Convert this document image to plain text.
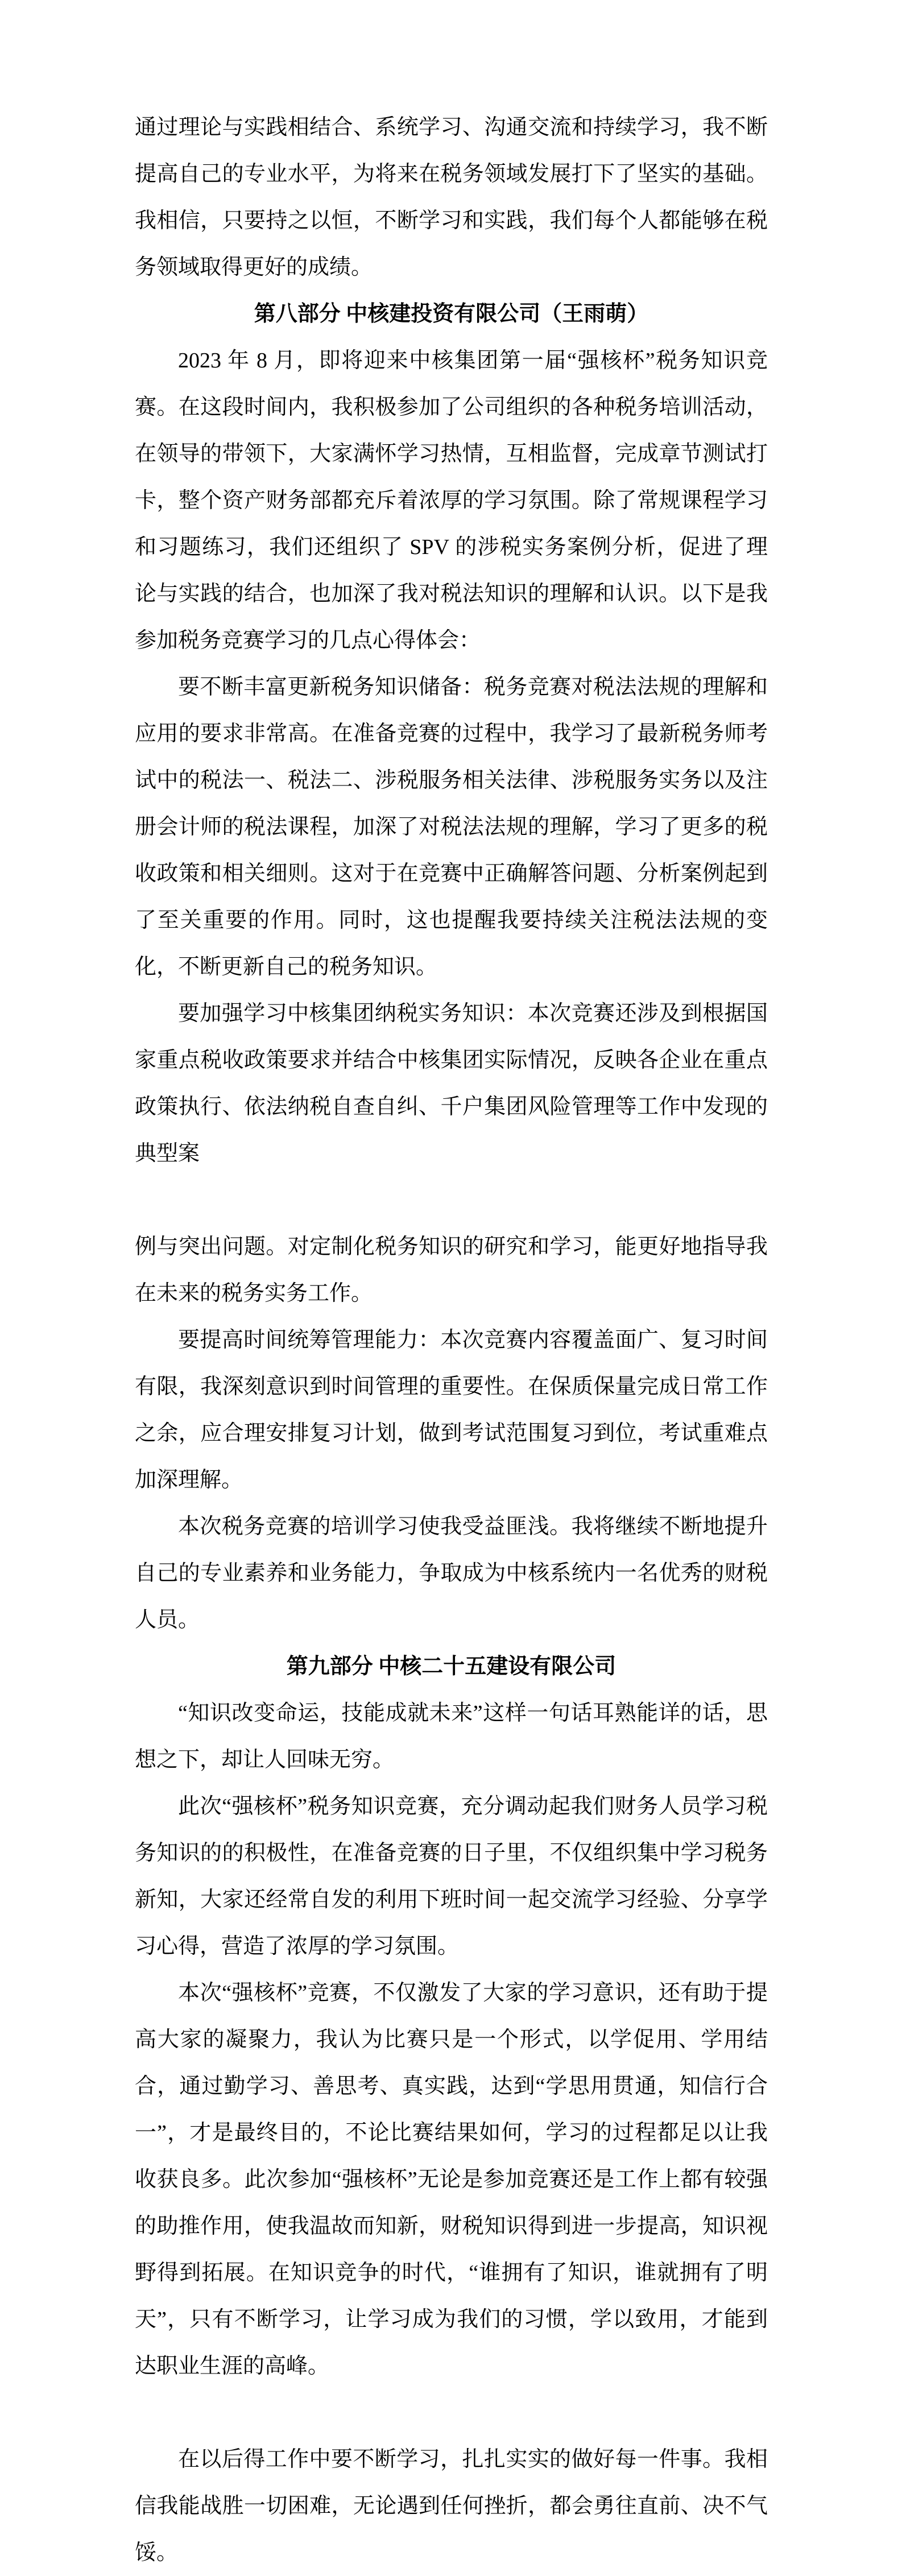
通过理论与实践相结合、系统学习、沟通交流和持续学习，我不断提高自己的专业水平，为将来在税务领域发展打下了坚实的基础。我相信，只要持之以恒，不断学习和实践，我们每个人都能够在税务领域取得更好的成绩。

第八部分 中核建投资有限公司（王雨萌）

2023 年 8 月，即将迎来中核集团第一届“强核杯”税务知识竞赛。在这段时间内，我积极参加了公司组织的各种税务培训活动，在领导的带领下，大家满怀学习热情，互相监督，完成章节测试打卡，整个资产财务部都充斥着浓厚的学习氛围。除了常规课程学习和习题练习，我们还组织了 SPV 的涉税实务案例分析，促进了理论与实践的结合，也加深了我对税法知识的理解和认识。以下是我参加税务竞赛学习的几点心得体会：

要不断丰富更新税务知识储备：税务竞赛对税法法规的理解和应用的要求非常高。在准备竞赛的过程中，我学习了最新税务师考试中的税法一、税法二、涉税服务相关法律、涉税服务实务以及注册会计师的税法课程，加深了对税法法规的理解，学习了更多的税收政策和相关细则。这对于在竞赛中正确解答问题、分析案例起到了至关重要的作用。同时，这也提醒我要持续关注税法法规的变化，不断更新自己的税务知识。

要加强学习中核集团纳税实务知识：本次竞赛还涉及到根据国家重点税收政策要求并结合中核集团实际情况，反映各企业在重点政策执行、依法纳税自查自纠、千户集团风险管理等工作中发现的典型案

例与突出问题。对定制化税务知识的研究和学习，能更好地指导我在未来的税务实务工作。

要提高时间统筹管理能力：本次竞赛内容覆盖面广、复习时间有限，我深刻意识到时间管理的重要性。在保质保量完成日常工作之余，应合理安排复习计划，做到考试范围复习到位，考试重难点加深理解。

本次税务竞赛的培训学习使我受益匪浅。我将继续不断地提升自己的专业素养和业务能力，争取成为中核系统内一名优秀的财税人员。

第九部分 中核二十五建设有限公司

“知识改变命运，技能成就未来”这样一句话耳熟能详的话，思想之下，却让人回味无穷。

此次“强核杯”税务知识竞赛，充分调动起我们财务人员学习税务知识的的积极性，在准备竞赛的日子里，不仅组织集中学习税务新知，大家还经常自发的利用下班时间一起交流学习经验、分享学习心得，营造了浓厚的学习氛围。

本次“强核杯”竞赛，不仅激发了大家的学习意识，还有助于提高大家的凝聚力，我认为比赛只是一个形式，以学促用、学用结合，通过勤学习、善思考、真实践，达到“学思用贯通，知信行合一”，才是最终目的，不论比赛结果如何，学习的过程都足以让我收获良多。此次参加“强核杯”无论是参加竞赛还是工作上都有较强的助推作用，使我温故而知新，财税知识得到进一步提高，知识视野得到拓展。在知识竞争的时代，“谁拥有了知识，谁就拥有了明天”，只有不断学习，让学习成为我们的习惯，学以致用，才能到达职业生涯的高峰。

在以后得工作中要不断学习，扎扎实实的做好每一件事。我相信我能战胜一切困难，无论遇到任何挫折，都会勇往直前、决不气馁。
